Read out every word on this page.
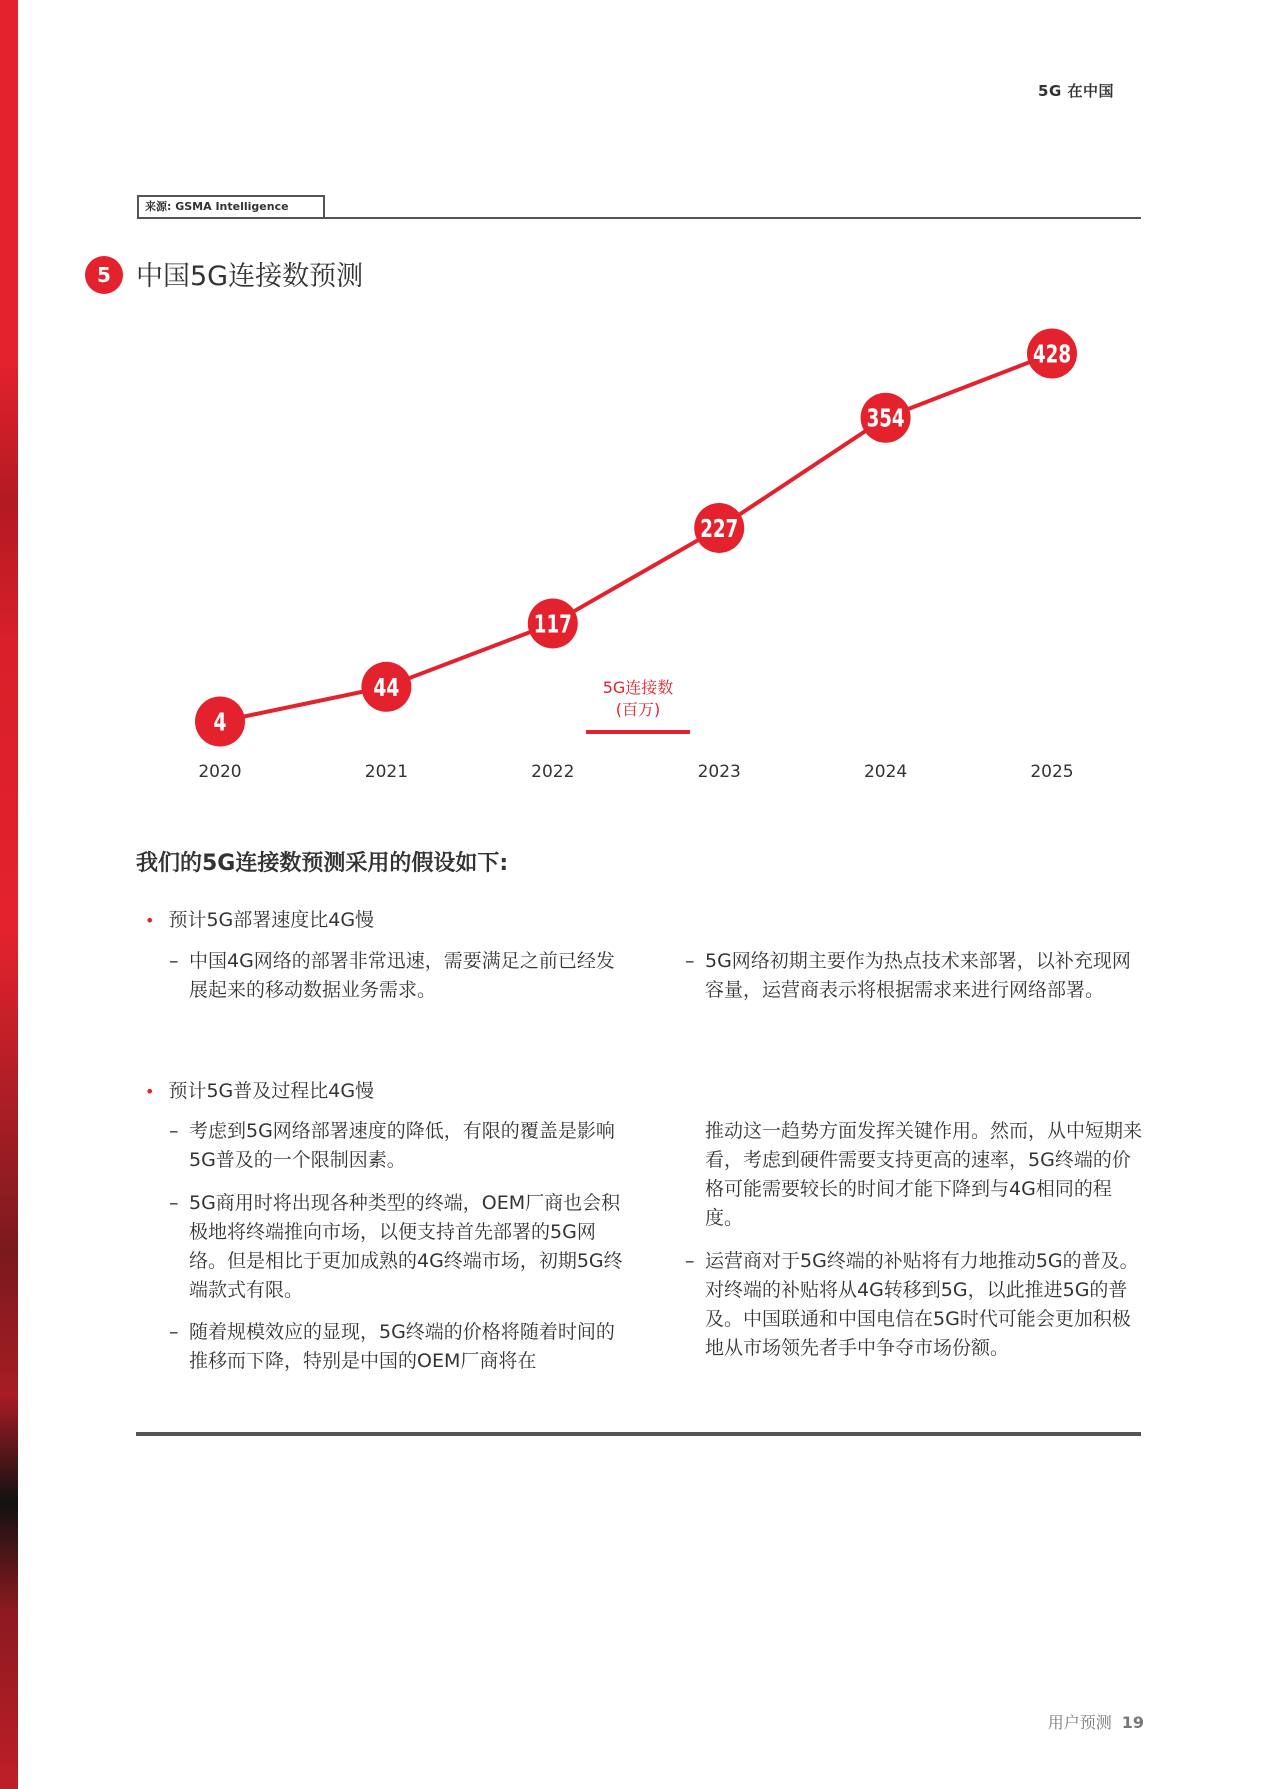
5G 在中国
来源: GSMA Intelligence
5 中国5G连接数预测
4
44
117
227
354
428
2020	2021	2022	2023	2024	2025
5G连接数
(百万)
我们的5G连接数预测采用的假设如下:
• 预计5G部署速度比4G慢
– 中国4G网络的部署非常迅速，需要满足之前已经发展起来的移动数据业务需求。
– 5G网络初期主要作为热点技术来部署，以补充现网容量，运营商表示将根据需求来进行网络部署。
• 预计5G普及过程比4G慢
– 考虑到5G网络部署速度的降低，有限的覆盖是影响5G普及的一个限制因素。
– 5G商用时将出现各种类型的终端，OEM厂商也会积极地将终端推向市场，以便支持首先部署的5G网络。但是相比于更加成熟的4G终端市场，初期5G终端款式有限。
– 随着规模效应的显现，5G终端的价格将随着时间的推移而下降，特别是中国的OEM厂商将在
推动这一趋势方面发挥关键作用。然而，从中短期来看，考虑到硬件需要支持更高的速率，5G终端的价格可能需要较长的时间才能下降到与4G相同的程度。
– 运营商对于5G终端的补贴将有力地推动5G的普及。对终端的补贴将从4G转移到5G，以此推进5G的普及。中国联通和中国电信在5G时代可能会更加积极地从市场领先者手中争夺市场份额。
用户预测 19
